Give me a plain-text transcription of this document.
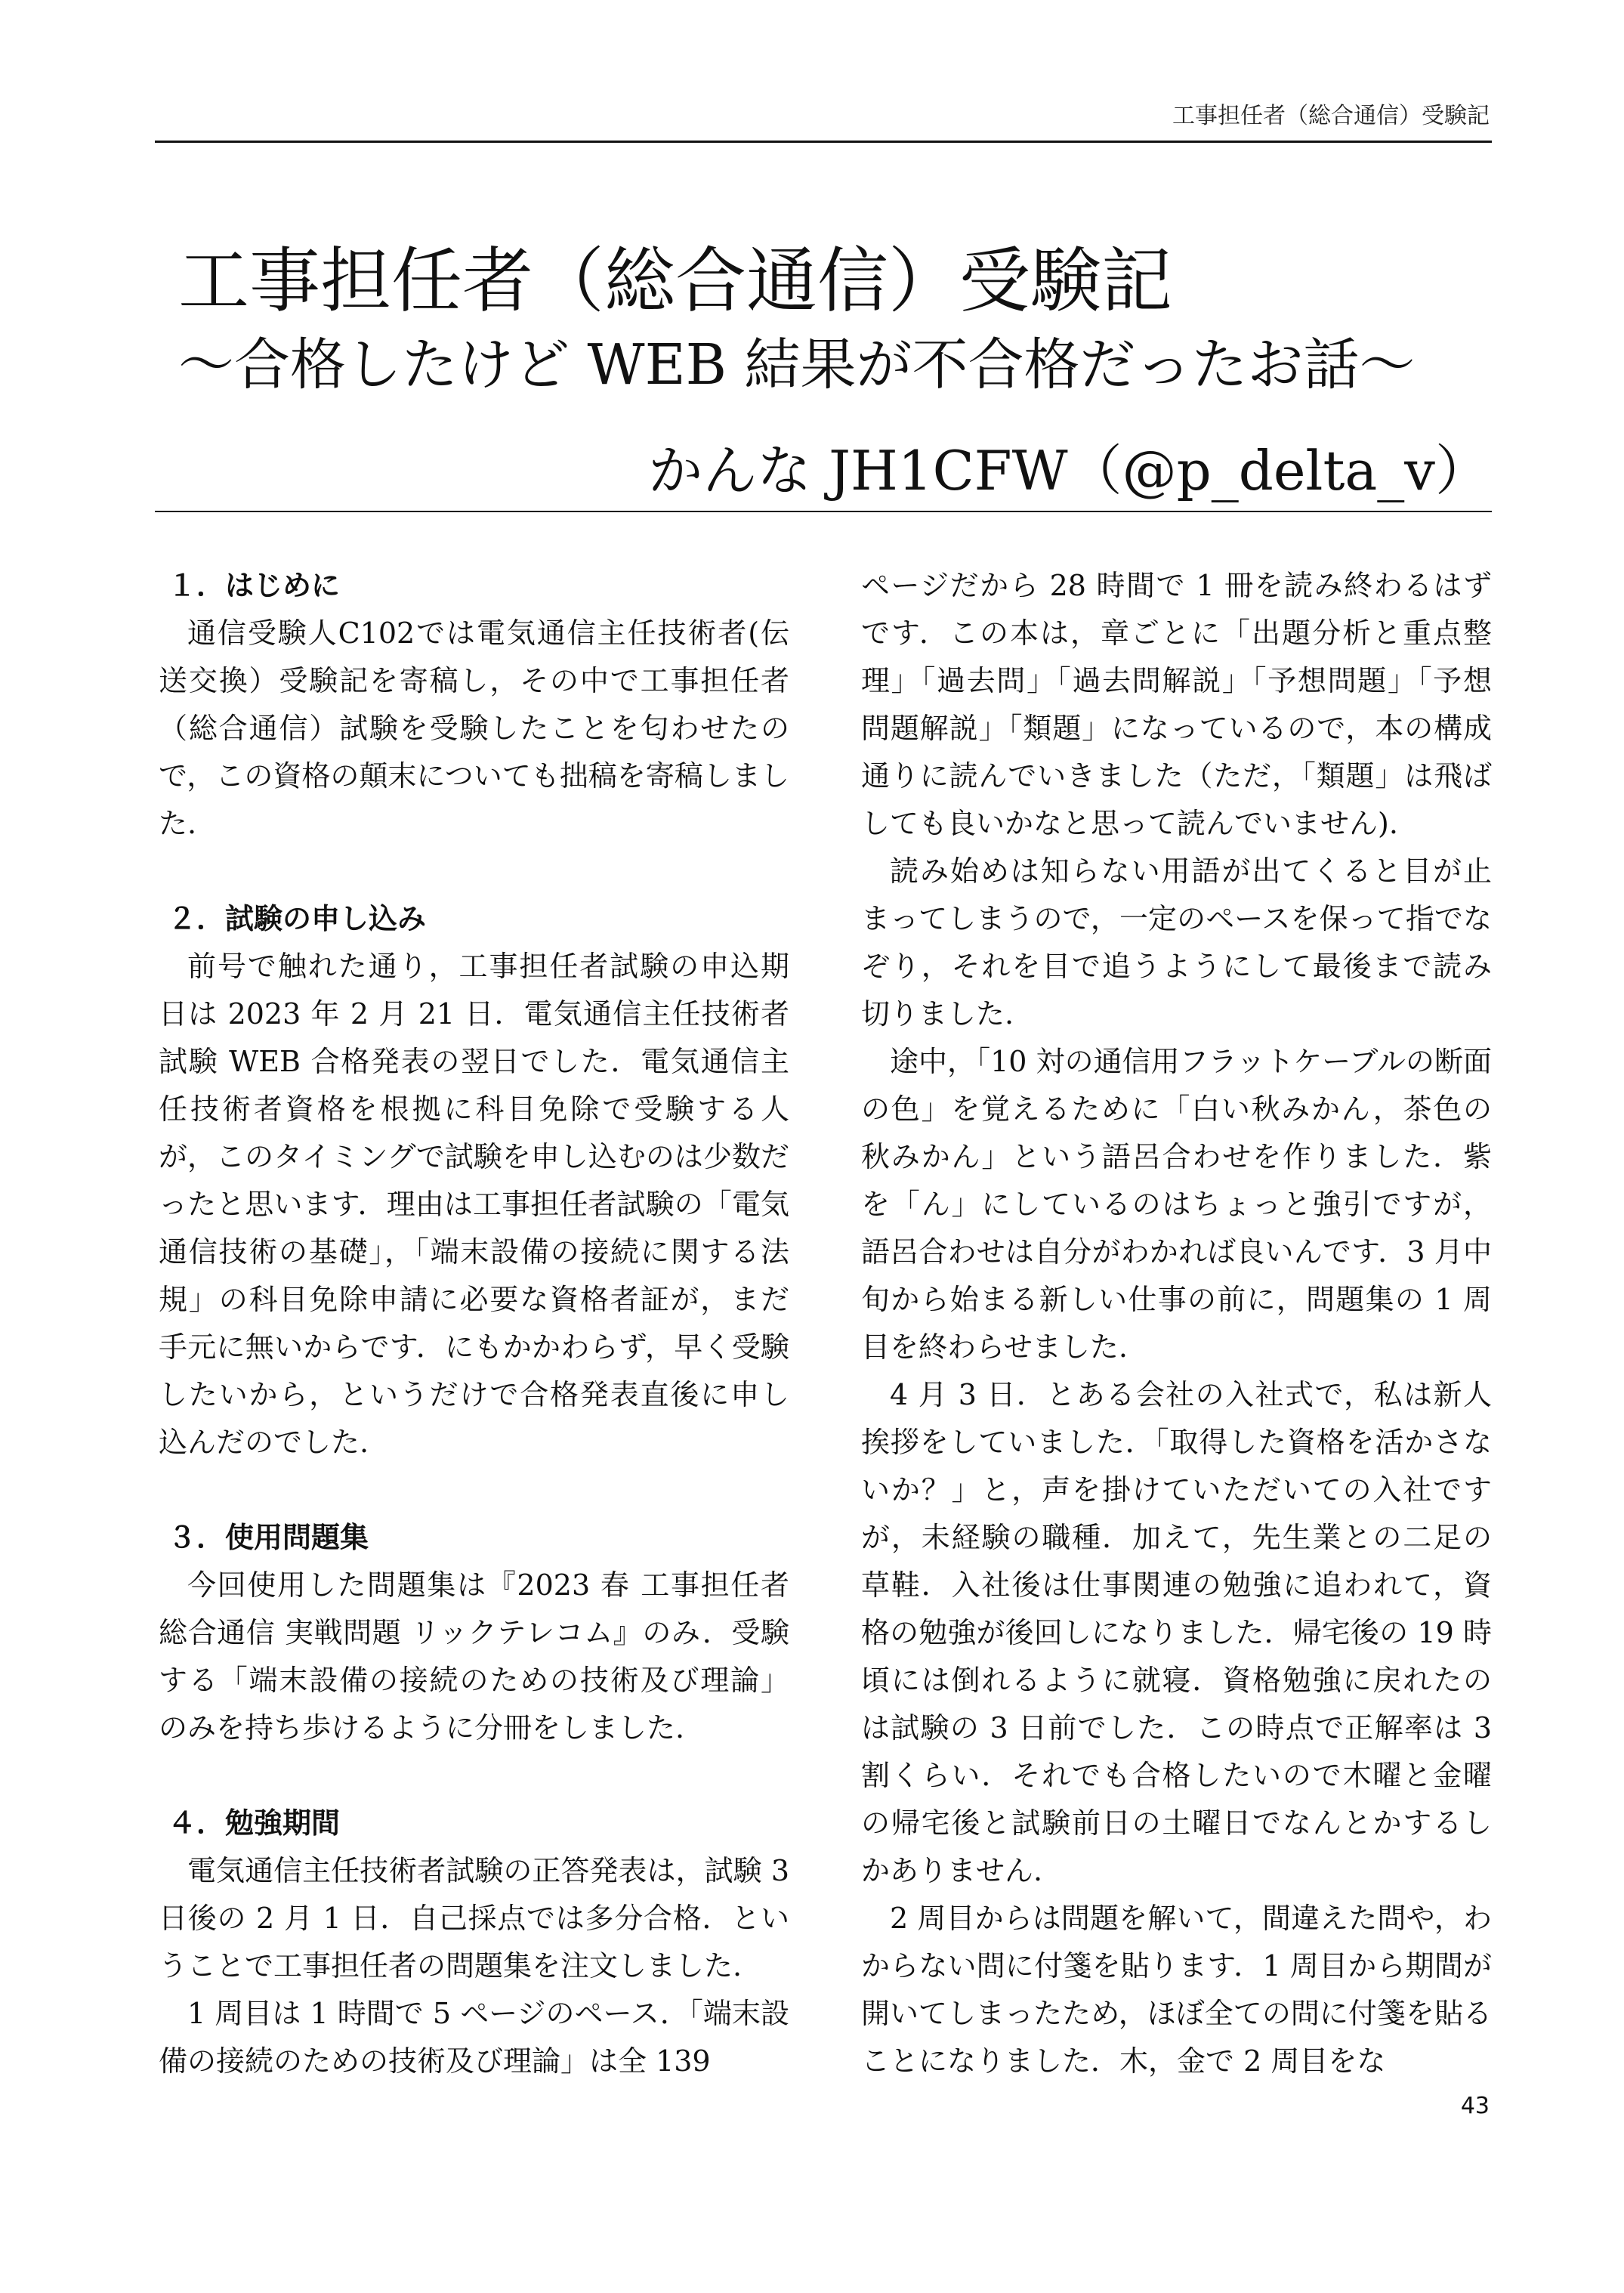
工事担任者（総合通信）受験記
工事担任者（総合通信）受験記
～合格したけど WEB 結果が不合格だったお話～
かんな JH1CFW（@p_delta_v）
１．はじめに

通信受験人C102では電気通信主任技術者(伝送交換）受験記を寄稿し，その中で工事担任者（総合通信）試験を受験したことを匂わせたので，この資格の顛末についても拙稿を寄稿しました.

２．試験の申し込み

前号で触れた通り，工事担任者試験の申込期日は 2023 年 2 月 21 日．電気通信主任技術者試験 WEB 合格発表の翌日でした．電気通信主任技術者資格を根拠に科目免除で受験する人が，このタイミングで試験を申し込むのは少数だったと思います．理由は工事担任者試験の「電気通信技術の基礎」，「端末設備の接続に関する法規」の科目免除申請に必要な資格者証が，まだ手元に無いからです．にもかかわらず，早く受験したいから，というだけで合格発表直後に申し込んだのでした.

３．使用問題集

今回使用した問題集は『2023 春 工事担任者 総合通信 実戦問題 リックテレコム』のみ．受験する「端末設備の接続のための技術及び理論」のみを持ち歩けるように分冊をしました.

４．勉強期間

電気通信主任技術者試験の正答発表は，試験 3 日後の 2 月 1 日．自己採点では多分合格．ということで工事担任者の問題集を注文しました.

1 周目は 1 時間で 5 ページのペース．「端末設備の接続のための技術及び理論」は全 139

ページだから 28 時間で 1 冊を読み終わるはずです．この本は，章ごとに「出題分析と重点整理」「過去問」「過去問解説」「予想問題」「予想問題解説」「類題」になっているので，本の構成通りに読んでいきました（ただ，「類題」は飛ばしても良いかなと思って読んでいません).

読み始めは知らない用語が出てくると目が止まってしまうので，一定のペースを保って指でなぞり，それを目で追うようにして最後まで読み切りました.

途中，「10 対の通信用フラットケーブルの断面の色」を覚えるために「白い秋みかん，茶色の秋みかん」という語呂合わせを作りました．紫を「ん」にしているのはちょっと強引ですが，語呂合わせは自分がわかれば良いんです．3 月中旬から始まる新しい仕事の前に，問題集の 1 周目を終わらせました.

4 月 3 日．とある会社の入社式で，私は新人挨拶をしていました．「取得した資格を活かさないか？」と，声を掛けていただいての入社ですが，未経験の職種．加えて，先生業との二足の草鞋．入社後は仕事関連の勉強に追われて，資格の勉強が後回しになりました．帰宅後の 19 時頃には倒れるように就寝．資格勉強に戻れたのは試験の 3 日前でした．この時点で正解率は 3 割くらい．それでも合格したいので木曜と金曜の帰宅後と試験前日の土曜日でなんとかするしかありません.

2 周目からは問題を解いて，間違えた問や，わからない問に付箋を貼ります．1 周目から期間が開いてしまったため，ほぼ全ての問に付箋を貼ることになりました．木，金で 2 周目をな

43
